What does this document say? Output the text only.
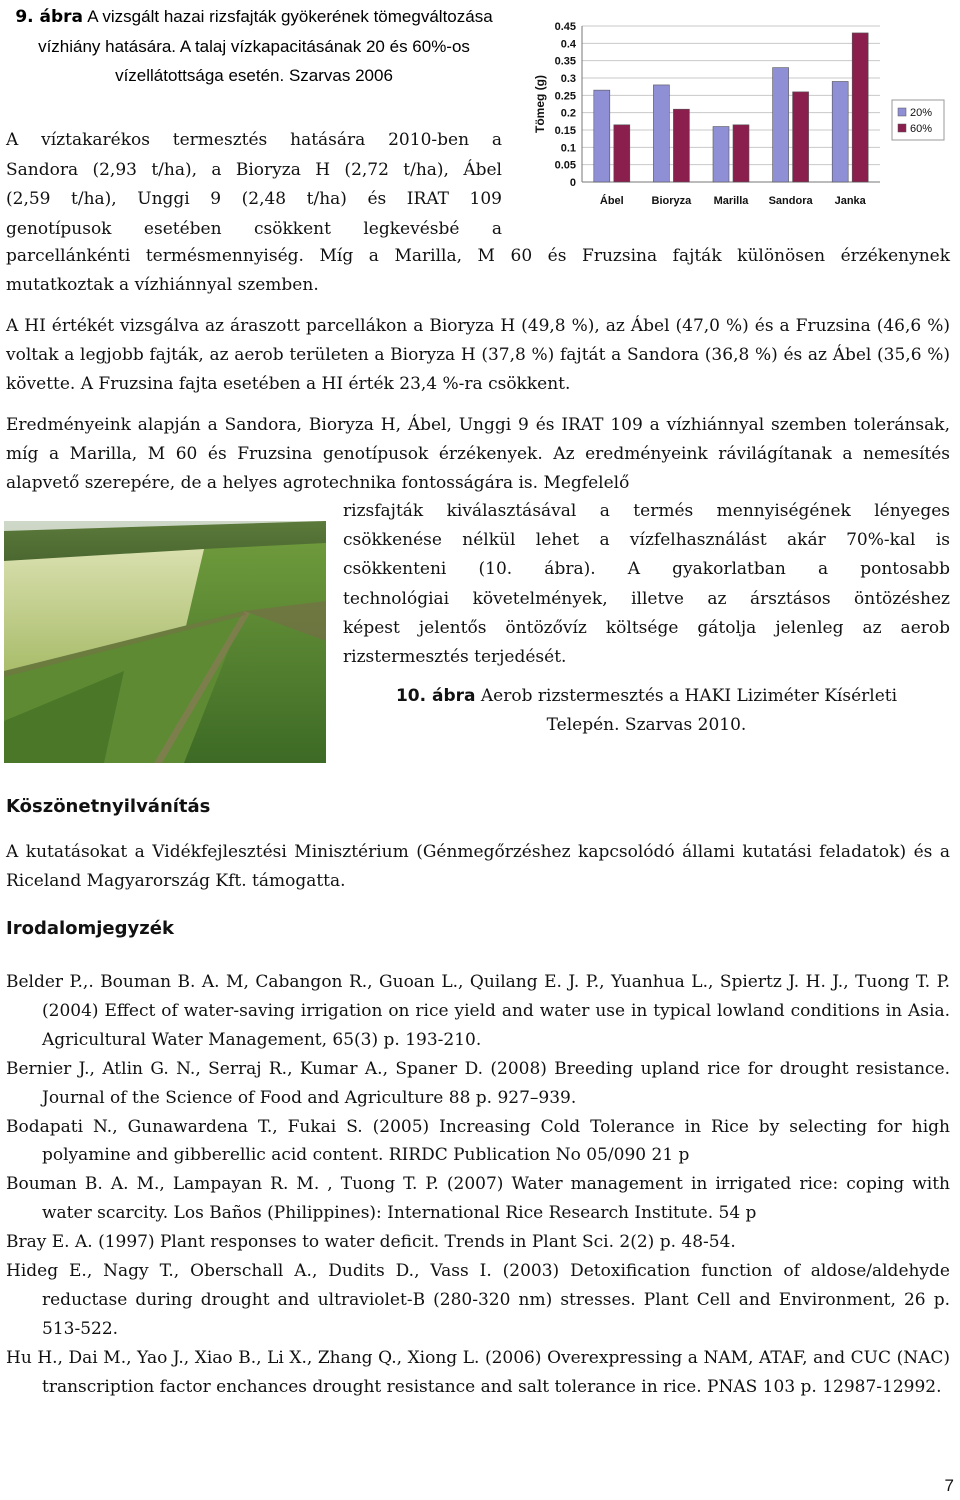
9. ábra A vizsgált hazai rizsfajták gyökerének tömegváltozása vízhiány hatására. A talaj vízkapacitásának 20 és 60%-os vízellátottsága esetén. Szarvas 2006
0.45
0.4
0.35
0.3
0.25
0.2
0.15
0.1
0.05
0
Tömeg (g)
Ábel	Bioryza Marilla Sandora Janka
20%
60%
A víztakarékos termesztés hatására 2010-ben a
Sandora (2,93 t/ha), a Bioryza H (2,72 t/ha), Ábel
(2,59 t/ha), Unggi 9 (2,48 t/ha) és IRAT 109
genotípusok esetében csökkent legkevésbé a
parcellánkénti termésmennyiség. Míg a Marilla, M 60 és Fruzsina fajták különösen érzékenynek mutatkoztak a vízhiánnyal szemben.
A HI értékét vizsgálva az áraszott parcellákon a Bioryza H (49,8 %), az Ábel (47,0 %) és a Fruzsina (46,6 %) voltak a legjobb fajták, az aerob területen a Bioryza H (37,8 %) fajtát a Sandora (36,8 %) és az Ábel (35,6 %) követte. A Fruzsina fajta esetében a HI érték 23,4 %-ra csökkent.
Eredményeink alapján a Sandora, Bioryza H, Ábel, Unggi 9 és IRAT 109 a vízhiánnyal szemben toleránsak, míg a Marilla, M 60 és Fruzsina genotípusok érzékenyek. Az eredményeink rávilágítanak a nemesítés alapvető szerepére, de a helyes agrotechnika fontosságára is. Megfelelő
rizsfajták kiválasztásával a termés mennyiségének lényeges
csökkenése nélkül lehet a vízfelhasználást akár 70%-kal is
csökkenteni (10. ábra). A gyakorlatban a pontosabb
technológiai követelmények, illetve az ársztásos öntözéshez
képest jelentős öntözővíz költsége gátolja jelenleg az aerob
rizstermesztés terjedését.
10. ábra Aerob rizstermesztés a HAKI Liziméter Kísérleti
Telepén. Szarvas 2010.
Köszönetnyilvánítás
A kutatásokat a Vidékfejlesztési Minisztérium (Génmegőrzéshez kapcsolódó állami kutatási feladatok) és a Riceland Magyarország Kft. támogatta.
Irodalomjegyzék

Belder P.,. Bouman B. A. M, Cabangon R., Guoan L., Quilang E. J. P., Yuanhua L., Spiertz J. H. J., Tuong T. P. (2004) Effect of water-saving irrigation on rice yield and water use in typical lowland conditions in Asia. Agricultural Water Management, 65(3) p. 193-210.

Bernier J., Atlin G. N., Serraj R., Kumar A., Spaner D. (2008) Breeding upland rice for drought resistance. Journal of the Science of Food and Agriculture 88 p. 927–939.

Bodapati N., Gunawardena T., Fukai S. (2005) Increasing Cold Tolerance in Rice by selecting for high polyamine and gibberellic acid content. RIRDC Publication No 05/090 21 p

Bouman B. A. M., Lampayan R. M. , Tuong T. P. (2007) Water management in irrigated rice: coping with water scarcity. Los Baños (Philippines): International Rice Research Institute. 54 p

Bray E. A. (1997) Plant responses to water deficit. Trends in Plant Sci. 2(2) p. 48-54.

Hideg E., Nagy T., Oberschall A., Dudits D., Vass I. (2003) Detoxification function of aldose/aldehyde reductase during drought and ultraviolet-B (280-320 nm) stresses. Plant Cell and Environment, 26 p. 513-522.

Hu H., Dai M., Yao J., Xiao B., Li X., Zhang Q., Xiong L. (2006) Overexpressing a NAM, ATAF, and CUC (NAC) transcription factor enchances drought resistance and salt tolerance in rice. PNAS 103 p. 12987-12992.

7
